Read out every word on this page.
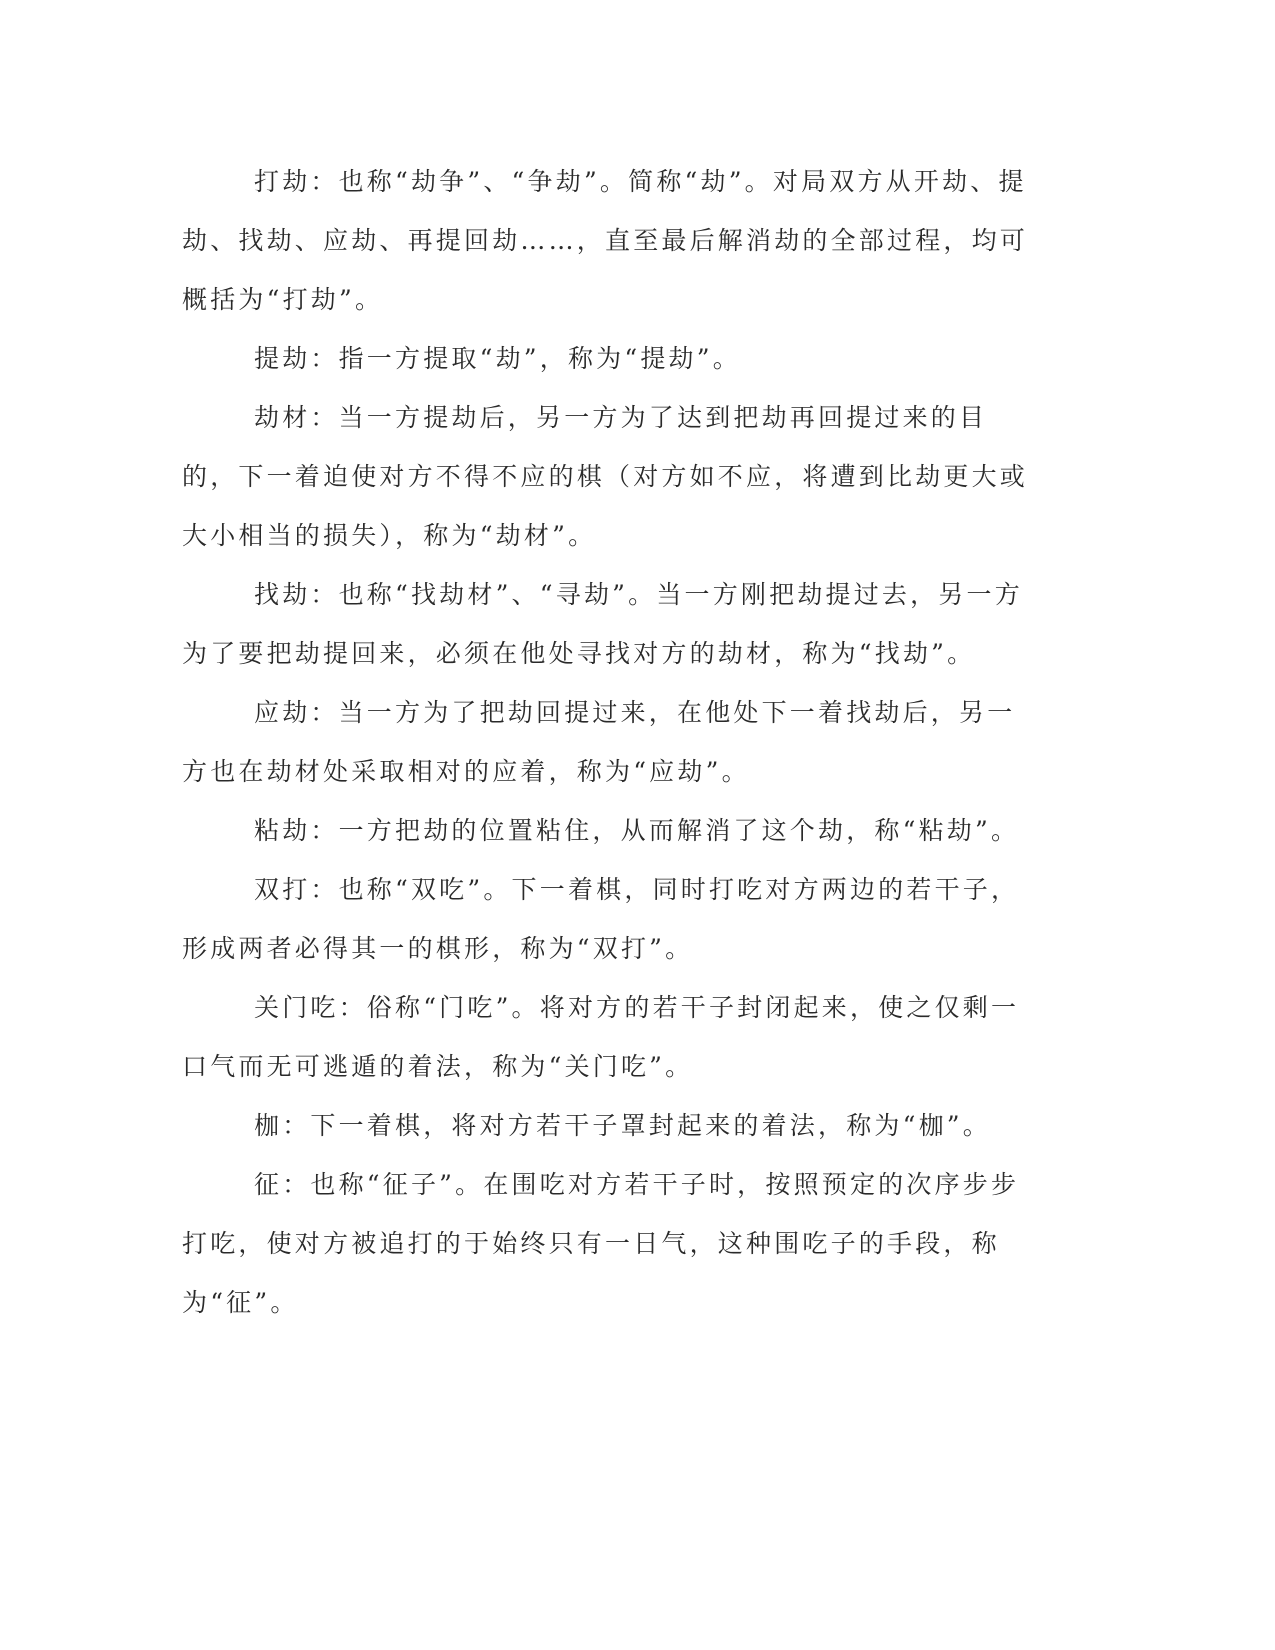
打劫：也称“劫争”、“争劫”。简称“劫”。对局双方从开劫、提劫、找劫、应劫、再提回劫……，直至最后解消劫的全部过程，均可概括为“打劫”。

提劫：指一方提取“劫”，称为“提劫”。

劫材：当一方提劫后，另一方为了达到把劫再回提过来的目的，下一着迫使对方不得不应的棋（对方如不应，将遭到比劫更大或大小相当的损失），称为“劫材”。

找劫：也称“找劫材”、“寻劫”。当一方刚把劫提过去，另一方为了要把劫提回来，必须在他处寻找对方的劫材，称为“找劫”。

应劫：当一方为了把劫回提过来，在他处下一着找劫后，另一方也在劫材处采取相对的应着，称为“应劫”。

粘劫：一方把劫的位置粘住，从而解消了这个劫，称“粘劫”。

双打：也称“双吃”。下一着棋，同时打吃对方两边的若干子，形成两者必得其一的棋形，称为“双打”。

关门吃：俗称“门吃”。将对方的若干子封闭起来，使之仅剩一口气而无可逃遁的着法，称为“关门吃”。

枷：下一着棋，将对方若干子罩封起来的着法，称为“枷”。

征：也称“征子”。在围吃对方若干子时，按照预定的次序步步打吃，使对方被追打的于始终只有一日气，这种围吃子的手段，称为“征”。
